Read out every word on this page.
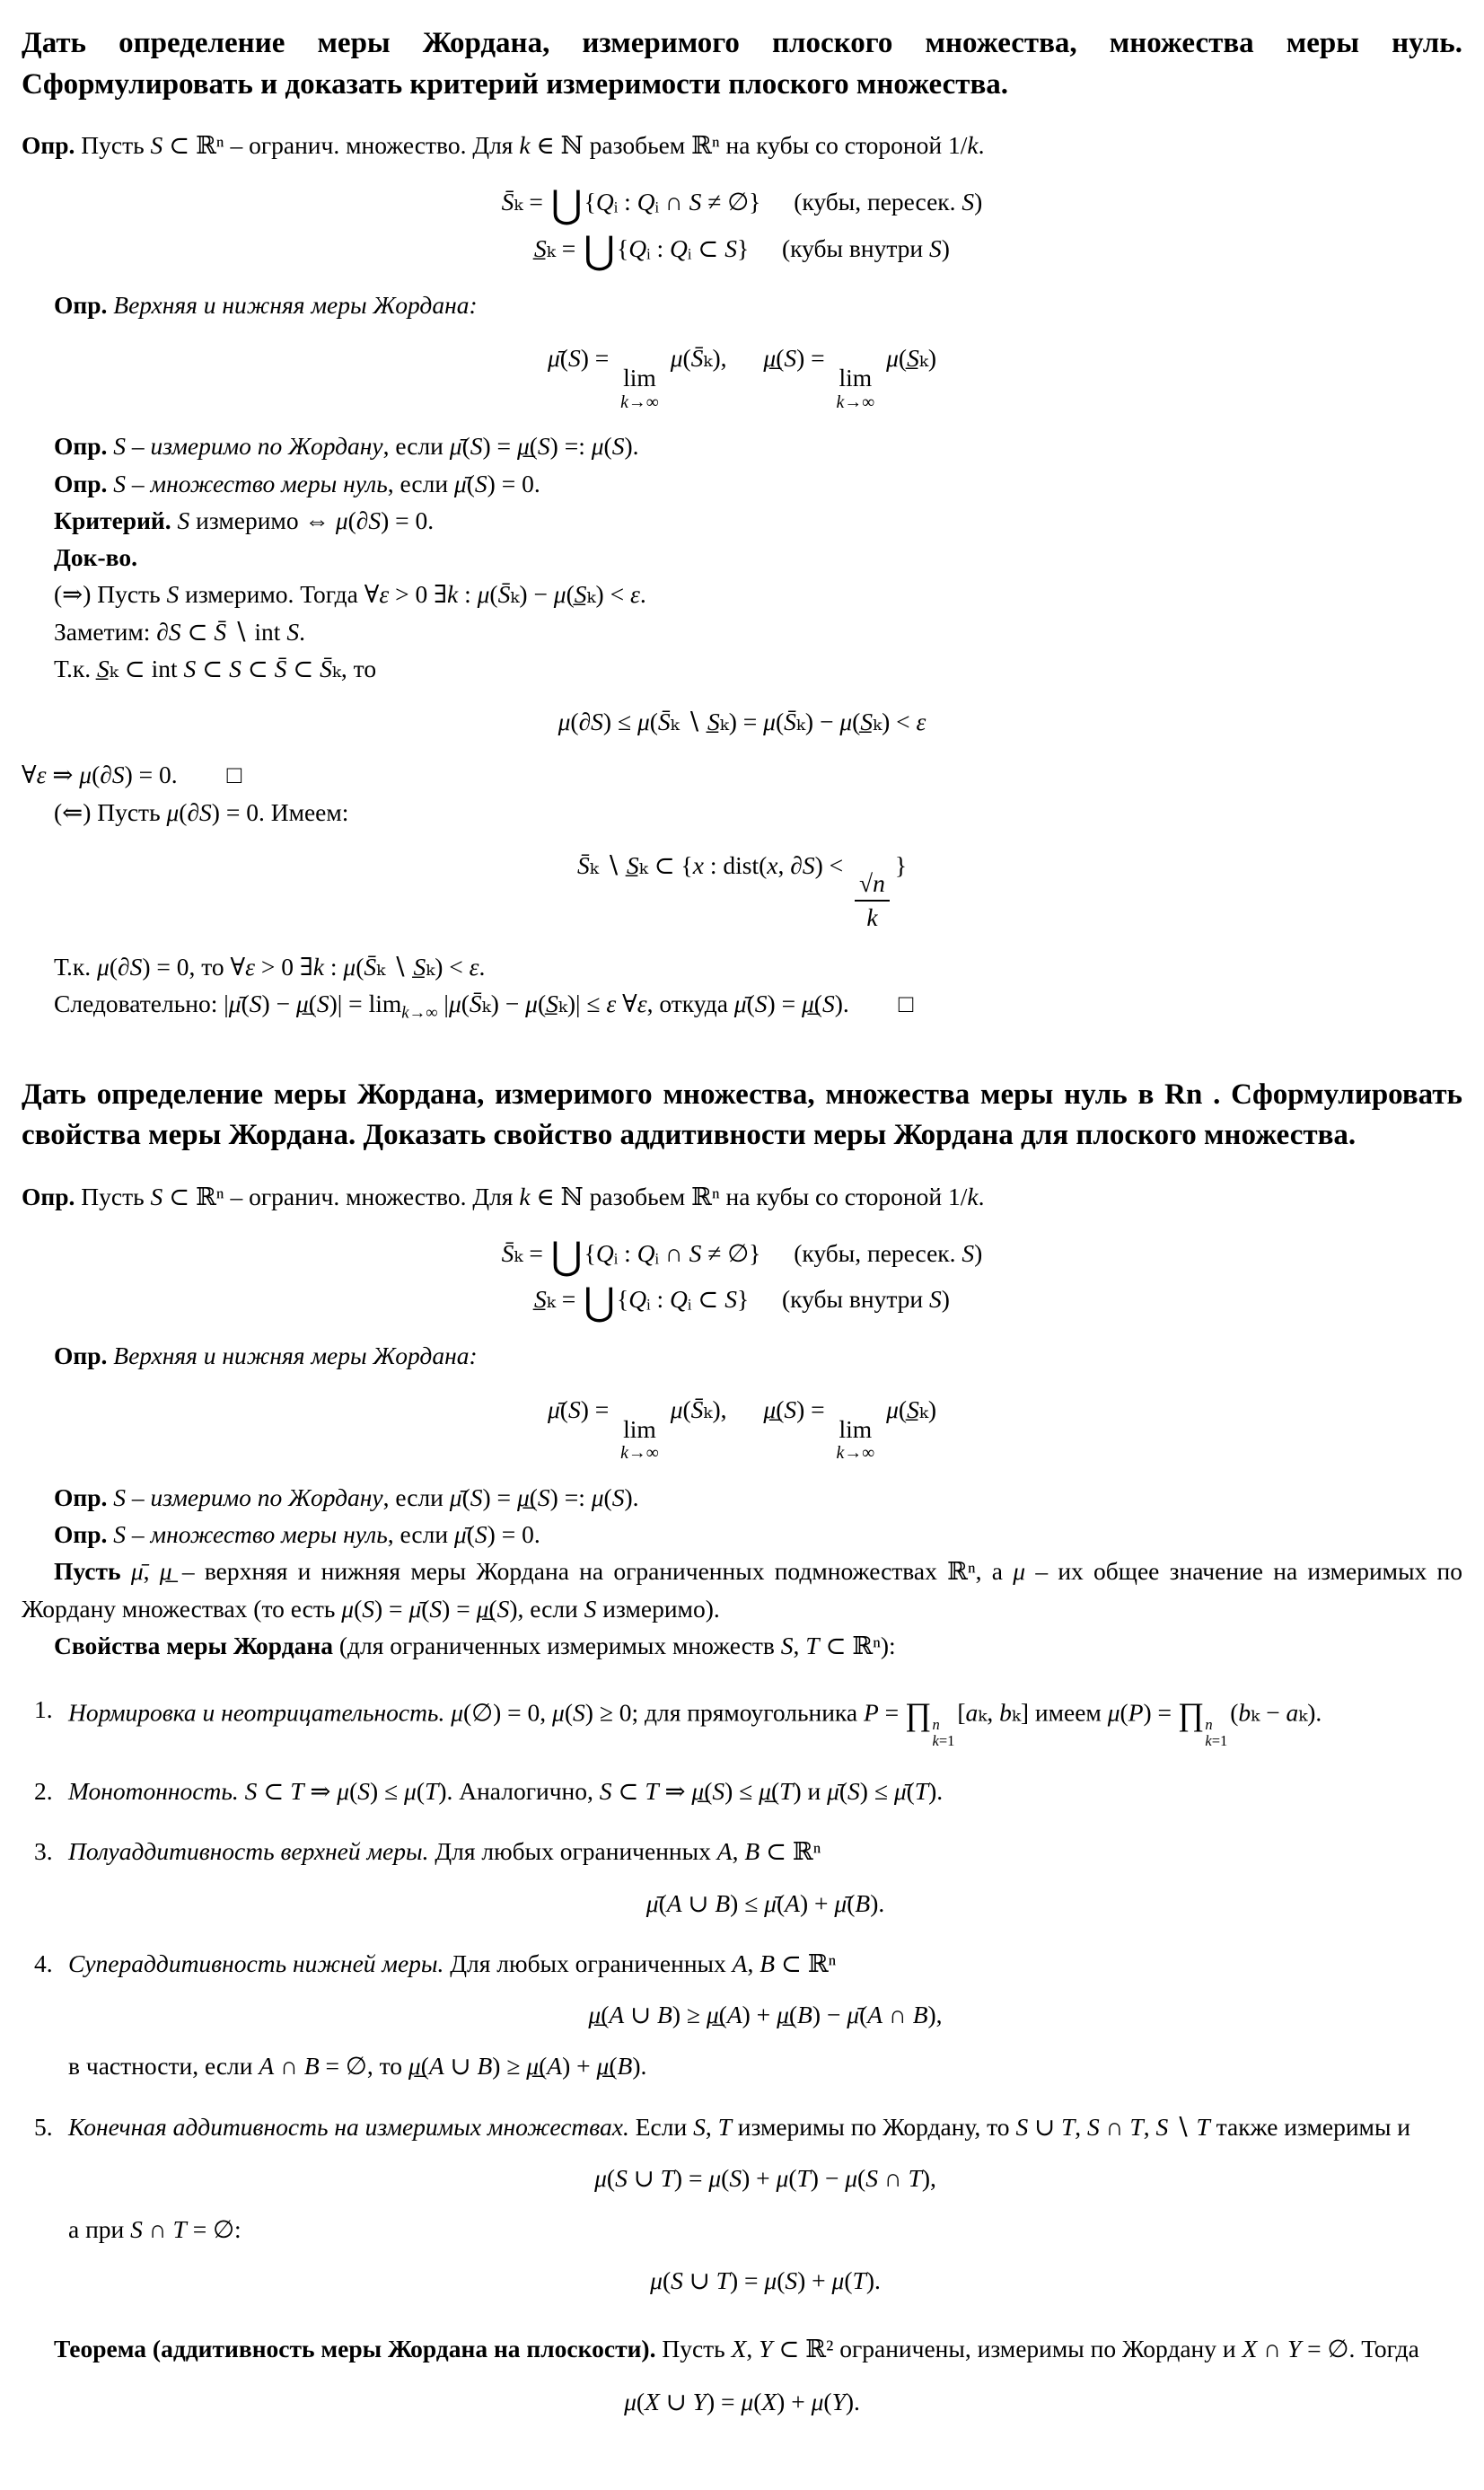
Дать определение меры Жордана, измеримого плоского множества, множества меры нуль. Сформулировать и доказать критерий измеримости плоского множества.

Опр. Пусть S ⊂ ℝⁿ – огранич. множество. Для k ∈ ℕ разобьем ℝⁿ на кубы со стороной 1/k.

S̄ₖ = ⋃{Qᵢ : Qᵢ ∩ S ≠ ∅} (кубы, пересек. S)
S̲ₖ = ⋃{Qᵢ : Qᵢ ⊂ S} (кубы внутри S)

Опр. Верхняя и нижняя меры Жордана:

μ̄(S) =
lim
k→∞
μ(S̄ₖ), μ̲(S) =
lim
k→∞
μ(S̲ₖ)

Опр. S – измеримо по Жордану, если μ̄(S) = μ̲(S) =: μ(S).

Опр. S – множество меры нуль, если μ̄(S) = 0.

Критерий. S измеримо ⇔ μ(∂S) = 0.

Док-во.

(⇒) Пусть S измеримо. Тогда ∀ε > 0 ∃k : μ(S̄ₖ) − μ(S̲ₖ) < ε.

Заметим: ∂S ⊂ S̄ ∖ int S.

Т.к. S̲ₖ ⊂ int S ⊂ S ⊂ S̄ ⊂ S̄ₖ, то

μ(∂S) ≤ μ(S̄ₖ ∖ S̲ₖ) = μ(S̄ₖ) − μ(S̲ₖ) < ε

∀ε ⇒ μ(∂S) = 0.  □

(⇐) Пусть μ(∂S) = 0. Имеем:

S̄ₖ ∖ S̲ₖ ⊂ {x : dist(x, ∂S) <
$\frac{√n}{k}$
}

Т.к. μ(∂S) = 0, то ∀ε > 0 ∃k : μ(S̄ₖ ∖ S̲ₖ) < ε.

Следовательно: |μ̄(S) − μ̲(S)| = $\lim_{k\to\infty}$ |μ(S̄ₖ) − μ(S̲ₖ)| ≤ ε ∀ε, откуда μ̄(S) = μ̲(S).  □

Дать определение меры Жордана, измеримого множества, множества меры нуль в Rn . Сформулировать свойства меры Жордана. Доказать свойство аддитивности меры Жордана для плоского множества.

Опр. Пусть S ⊂ ℝⁿ – огранич. множество. Для k ∈ ℕ разобьем ℝⁿ на кубы со стороной 1/k.

S̄ₖ = ⋃{Qᵢ : Qᵢ ∩ S ≠ ∅} (кубы, пересек. S)
S̲ₖ = ⋃{Qᵢ : Qᵢ ⊂ S} (кубы внутри S)

Опр. Верхняя и нижняя меры Жордана:

μ̄(S) =
lim
k→∞
μ(S̄ₖ), μ̲(S) =
lim
k→∞
μ(S̲ₖ)

Опр. S – измеримо по Жордану, если μ̄(S) = μ̲(S) =: μ(S).

Опр. S – множество меры нуль, если μ̄(S) = 0.

Пусть μ̄, μ̲ – верхняя и нижняя меры Жордана на ограниченных подмножествах ℝⁿ, а μ – их общее значение на измеримых по Жордану множествах (то есть μ(S) = μ̄(S) = μ̲(S), если S измеримо).

Свойства меры Жордана (для ограниченных измеримых множеств S, T ⊂ ℝⁿ):

1. Нормировка и неотрицательность. μ(∅) = 0, μ(S) ≥ 0; для прямоугольника P = ∏ n
k=1
[aₖ, bₖ] имеем μ(P) = ∏ n
k=1
(bₖ − aₖ).
2. Монотонность. S ⊂ T ⇒ μ(S) ≤ μ(T). Аналогично, S ⊂ T ⇒ μ̲(S) ≤ μ̲(T) и μ̄(S) ≤ μ̄(T).
3. Полуаддитивность верхней меры. Для любых ограниченных A, B ⊂ ℝⁿ
μ̄(A ∪ B) ≤ μ̄(A) + μ̄(B).
4. Супераддитивность нижней меры. Для любых ограниченных A, B ⊂ ℝⁿ
μ̲(A ∪ B) ≥ μ̲(A) + μ̲(B) − μ̄(A ∩ B),

в частности, если A ∩ B = ∅, то μ̲(A ∪ B) ≥ μ̲(A) + μ̲(B).

5. Конечная аддитивность на измеримых множествах. Если S, T измеримы по Жордану, то S ∪ T, S ∩ T, S ∖ T также измеримы и
μ(S ∪ T) = μ(S) + μ(T) − μ(S ∩ T),

а при S ∩ T = ∅:

μ(S ∪ T) = μ(S) + μ(T).

Теорема (аддитивность меры Жордана на плоскости). Пусть X, Y ⊂ ℝ² ограничены, измеримы по Жордану и X ∩ Y = ∅. Тогда

μ(X ∪ Y) = μ(X) + μ(Y).
